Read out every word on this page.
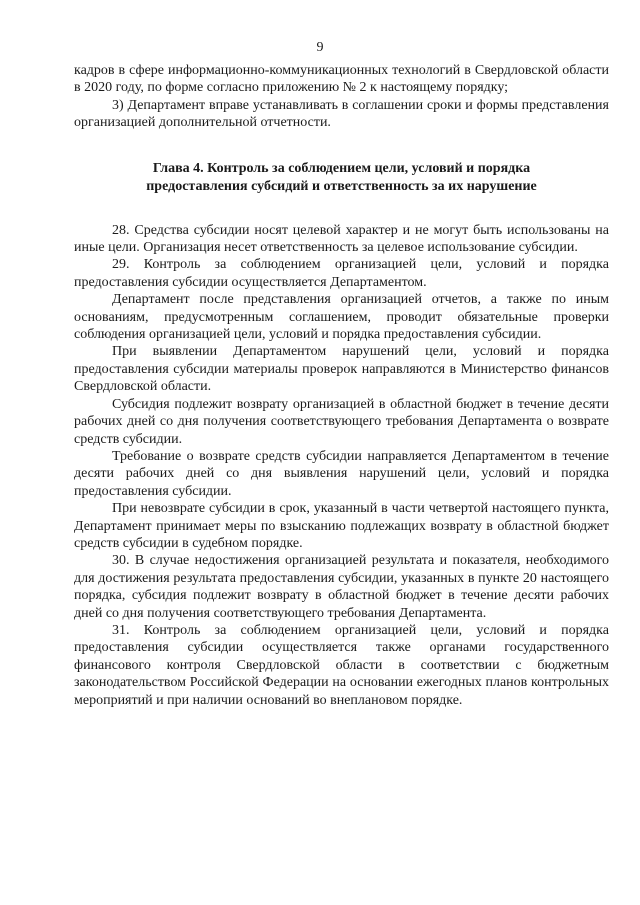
9

кадров в сфере информационно-коммуникационных технологий в Свердловской области в 2020 году, по форме согласно приложению № 2 к настоящему порядку;

3) Департамент вправе устанавливать в соглашении сроки и формы представления организацией дополнительной отчетности.

Глава 4. Контроль за соблюдением цели, условий и порядка
предоставления субсидий и ответственность за их нарушение

28. Средства субсидии носят целевой характер и не могут быть использованы на иные цели. Организация несет ответственность за целевое использование субсидии.

29. Контроль за соблюдением организацией цели, условий и порядка предоставления субсидии осуществляется Департаментом.

Департамент после представления организацией отчетов, а также по иным основаниям, предусмотренным соглашением, проводит обязательные проверки соблюдения организацией цели, условий и порядка предоставления субсидии.

При выявлении Департаментом нарушений цели, условий и порядка предоставления субсидии материалы проверок направляются в Министерство финансов Свердловской области.

Субсидия подлежит возврату организацией в областной бюджет в течение десяти рабочих дней со дня получения соответствующего требования Департамента о возврате средств субсидии.

Требование о возврате средств субсидии направляется Департаментом в течение десяти рабочих дней со дня выявления нарушений цели, условий и порядка предоставления субсидии.

При невозврате субсидии в срок, указанный в части четвертой настоящего пункта, Департамент принимает меры по взысканию подлежащих возврату в областной бюджет средств субсидии в судебном порядке.

30. В случае недостижения организацией результата и показателя, необходимого для достижения результата предоставления субсидии, указанных в пункте 20 настоящего порядка, субсидия подлежит возврату в областной бюджет в течение десяти рабочих дней со дня получения соответствующего требования Департамента.

31. Контроль за соблюдением организацией цели, условий и порядка предоставления субсидии осуществляется также органами государственного финансового контроля Свердловской области в соответствии с бюджетным законодательством Российской Федерации на основании ежегодных планов контрольных мероприятий и при наличии оснований во внеплановом порядке.
